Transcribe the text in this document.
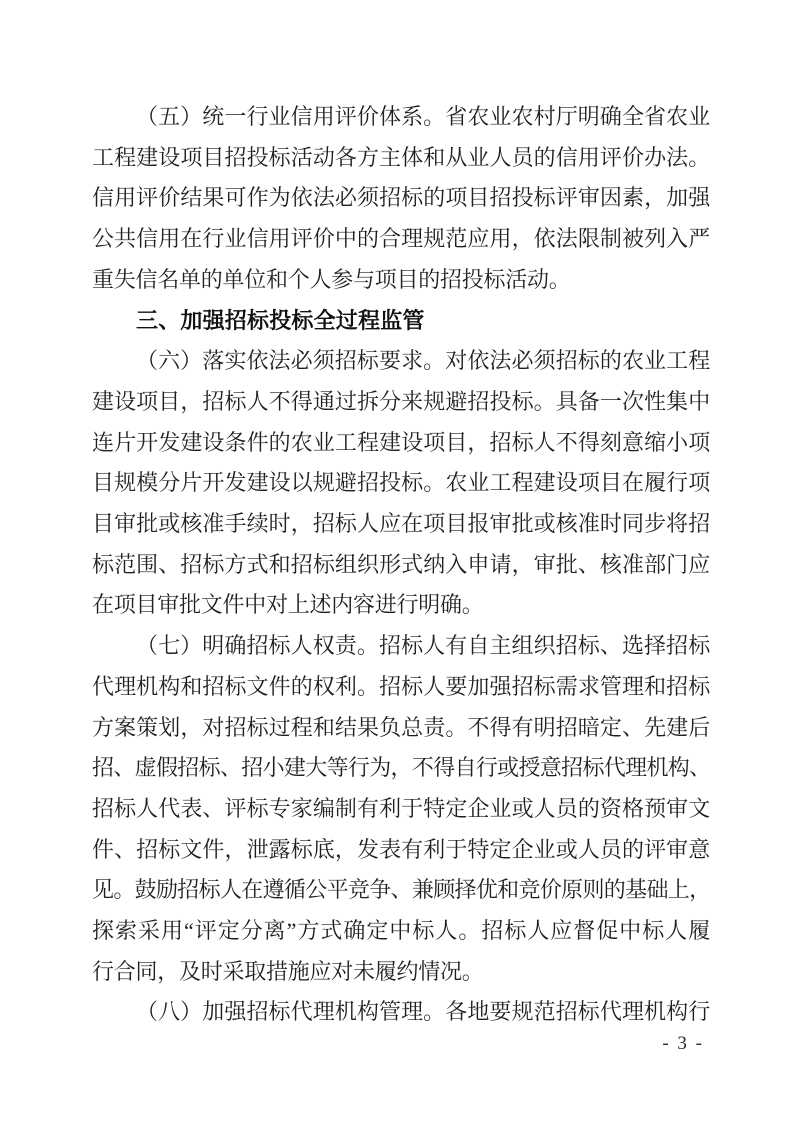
（五）统一行业信用评价体系。省农业农村厅明确全省农业
工程建设项目招投标活动各方主体和从业人员的信用评价办法。
信用评价结果可作为依法必须招标的项目招投标评审因素，加强
公共信用在行业信用评价中的合理规范应用，依法限制被列入严
重失信名单的单位和个人参与项目的招投标活动。
三、加强招标投标全过程监管
（六）落实依法必须招标要求。对依法必须招标的农业工程
建设项目，招标人不得通过拆分来规避招投标。具备一次性集中
连片开发建设条件的农业工程建设项目，招标人不得刻意缩小项
目规模分片开发建设以规避招投标。农业工程建设项目在履行项
目审批或核准手续时，招标人应在项目报审批或核准时同步将招
标范围、招标方式和招标组织形式纳入申请，审批、核准部门应
在项目审批文件中对上述内容进行明确。
（七）明确招标人权责。招标人有自主组织招标、选择招标
代理机构和招标文件的权利。招标人要加强招标需求管理和招标
方案策划，对招标过程和结果负总责。不得有明招暗定、先建后
招、虚假招标、招小建大等行为，不得自行或授意招标代理机构、
招标人代表、评标专家编制有利于特定企业或人员的资格预审文
件、招标文件，泄露标底，发表有利于特定企业或人员的评审意
见。鼓励招标人在遵循公平竞争、兼顾择优和竞价原则的基础上，
探索采用“评定分离”方式确定中标人。招标人应督促中标人履
行合同，及时采取措施应对未履约情况。
（八）加强招标代理机构管理。各地要规范招标代理机构行
- 3 -
